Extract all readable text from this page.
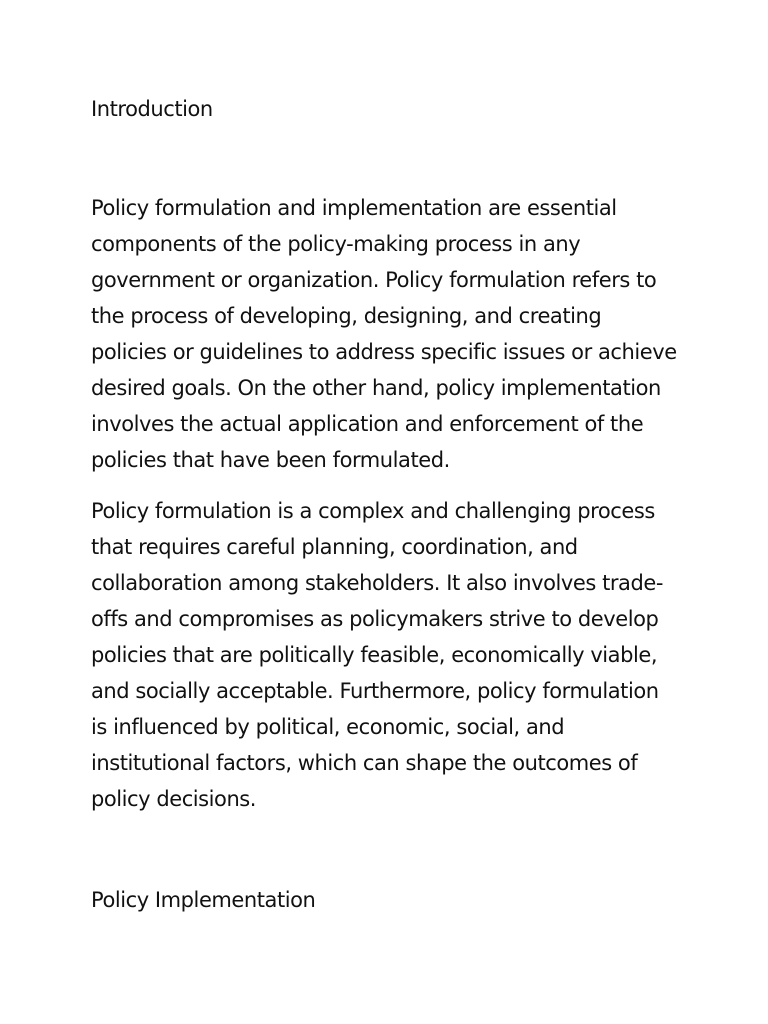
Introduction

Policy formulation and implementation are essential
components of the policy-making process in any
government or organization. Policy formulation refers to
the process of developing, designing, and creating
policies or guidelines to address specific issues or achieve
desired goals. On the other hand, policy implementation
involves the actual application and enforcement of the
policies that have been formulated.

Policy formulation is a complex and challenging process
that requires careful planning, coordination, and
collaboration among stakeholders. It also involves trade-
offs and compromises as policymakers strive to develop
policies that are politically feasible, economically viable,
and socially acceptable. Furthermore, policy formulation
is influenced by political, economic, social, and
institutional factors, which can shape the outcomes of
policy decisions.

Policy Implementation
